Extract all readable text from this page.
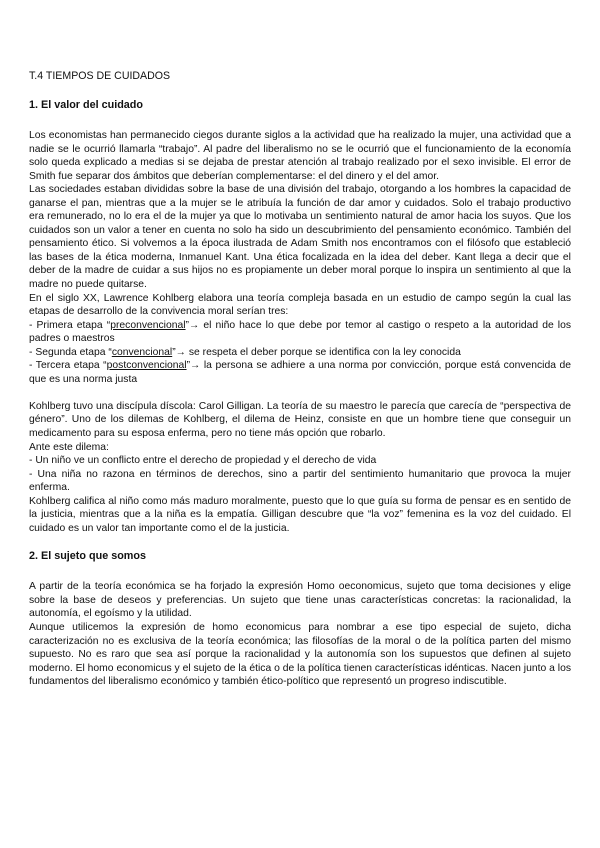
T.4 TIEMPOS DE CUIDADOS
1. El valor del cuidado

Los economistas han permanecido ciegos durante siglos a la actividad que ha realizado la mujer, una actividad que a nadie se le ocurrió llamarla “trabajo”. Al padre del liberalismo no se le ocurrió que el funcionamiento de la economía solo queda explicado a medias si se dejaba de prestar atención al trabajo realizado por el sexo invisible. El error de Smith fue separar dos ámbitos que deberían complementarse: el del dinero y el del amor.

Las sociedades estaban divididas sobre la base de una división del trabajo, otorgando a los hombres la capacidad de ganarse el pan, mientras que a la mujer se le atribuía la función de dar amor y cuidados. Solo el trabajo productivo era remunerado, no lo era el de la mujer ya que lo motivaba un sentimiento natural de amor hacia los suyos. Que los cuidados son un valor a tener en cuenta no solo ha sido un descubrimiento del pensamiento económico. También del pensamiento ético. Si volvemos a la época ilustrada de Adam Smith nos encontramos con el filósofo que estableció las bases de la ética moderna, Inmanuel Kant. Una ética focalizada en la idea del deber. Kant llega a decir que el deber de la madre de cuidar a sus hijos no es propiamente un deber moral porque lo inspira un sentimiento al que la madre no puede quitarse.

En el siglo XX, Lawrence Kohlberg elabora una teoría compleja basada en un estudio de campo según la cual las etapas de desarrollo de la convivencia moral serían tres:

- Primera etapa “preconvencional”→ el niño hace lo que debe por temor al castigo o respeto a la autoridad de los padres o maestros

- Segunda etapa “convencional”→ se respeta el deber porque se identifica con la ley conocida

- Tercera etapa “postconvencional”→ la persona se adhiere a una norma por convicción, porque está convencida de que es una norma justa

Kohlberg tuvo una discípula díscola: Carol Gilligan. La teoría de su maestro le parecía que carecía de “perspectiva de género”. Uno de los dilemas de Kohlberg, el dilema de Heinz, consiste en que un hombre tiene que conseguir un medicamento para su esposa enferma, pero no tiene más opción que robarlo.

Ante este dilema:

- Un niño ve un conflicto entre el derecho de propiedad y el derecho de vida

- Una niña no razona en términos de derechos, sino a partir del sentimiento humanitario que provoca la mujer enferma.

Kohlberg califica al niño como más maduro moralmente, puesto que lo que guía su forma de pensar es en sentido de la justicia, mientras que a la niña es la empatía. Gilligan descubre que “la voz” femenina es la voz del cuidado. El cuidado es un valor tan importante como el de la justicia.

2. El sujeto que somos

A partir de la teoría económica se ha forjado la expresión Homo oeconomicus, sujeto que toma decisiones y elige sobre la base de deseos y preferencias. Un sujeto que tiene unas características concretas: la racionalidad, la autonomía, el egoísmo y la utilidad.

Aunque utilicemos la expresión de homo economicus para nombrar a ese tipo especial de sujeto, dicha caracterización no es exclusiva de la teoría económica; las filosofías de la moral o de la política parten del mismo supuesto. No es raro que sea así porque la racionalidad y la autonomía son los supuestos que definen al sujeto moderno. El homo economicus y el sujeto de la ética o de la política tienen características idénticas. Nacen junto a los fundamentos del liberalismo económico y también ético-político que representó un progreso indiscutible.
